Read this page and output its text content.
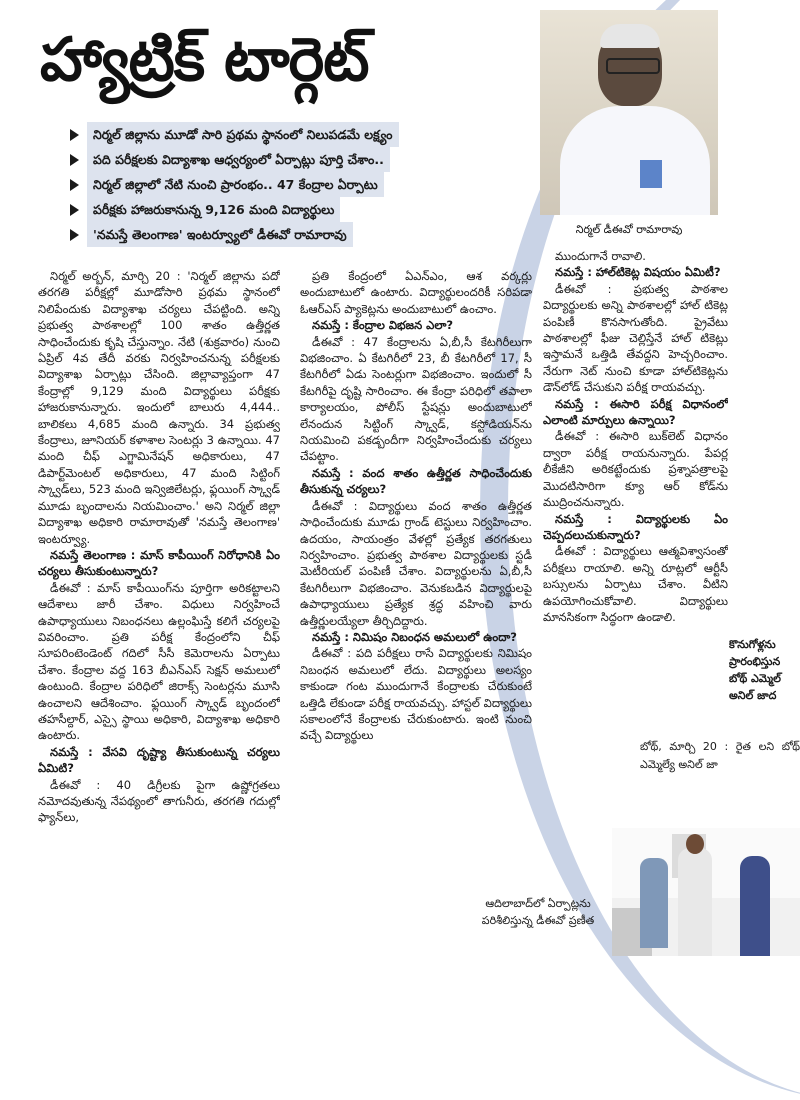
హ్యాట్రిక్‌ టార్గెట్‌
నిర్మల్‌ డీఈవో రామారావు
నిర్మల్‌ జిల్లాను మూడో సారి ప్రథమ స్థానంలో నిలుపడమే లక్ష్యం
పది పరీక్షలకు విద్యాశాఖ ఆధ్వర్యంలో ఏర్పాట్లు పూర్తి చేశాం..
నిర్మల్‌ జిల్లాలో నేటి నుంచి ప్రారంభం.. 47 కేంద్రాల ఏర్పాటు
పరీక్షకు హాజరుకానున్న 9,126 మంది విద్యార్థులు
'నమస్తే తెలంగాణ' ఇంటర్వ్యూలో డీఈవో రామారావు

నిర్మల్‌ అర్బన్‌, మార్చి 20 : 'నిర్మల్‌ జిల్లాను పదో తరగతి పరీక్షల్లో మూడోసారి ప్రథమ స్థానంలో నిలిపేందుకు విద్యాశాఖ చర్యలు చేపట్టింది. అన్ని ప్రభుత్వ పాఠశాలల్లో 100 శాతం ఉత్తీర్ణత సాధించేందుకు కృషి చేస్తున్నాం. నేటి (శుక్రవారం) నుంచి ఏప్రిల్‌ 4వ తేదీ వరకు నిర్వహించనున్న పరీక్షలకు విద్యాశాఖ ఏర్పాట్లు చేసింది. జిల్లావ్యాప్తంగా 47 కేంద్రాల్లో 9,129 మంది విద్యార్థులు పరీక్షకు హాజరుకానున్నారు. ఇందులో బాలురు 4,444.. బాలికలు 4,685 మంది ఉన్నారు. 34 ప్రభుత్వ కేంద్రాలు, జూనియర్‌ కళాశాల సెంటర్లు 3 ఉన్నాయి. 47 మంది చీఫ్‌ ఎగ్జామినేషన్‌ అధికారులు, 47 డిపార్ట్‌మెంటల్‌ అధికారులు, 47 మంది సిట్టింగ్‌ స్క్వాడ్‌లు, 523 మంది ఇన్విజిలేటర్లు, ఫ్లయింగ్‌ స్క్వాడ్‌ మూడు బృందాలను నియమించాం.' అని నిర్మల్‌ జిల్లా విద్యాశాఖ అధికారి రామారావుతో 'నమస్తే తెలంగాణ' ఇంటర్వ్యూ.

నమస్తే తెలంగాణ : మాస్‌ కాపీయింగ్‌ నిరోధానికి ఏం చర్యలు తీసుకుంటున్నారు?

డీఈవో : మాస్‌ కాపీయింగ్‌ను పూర్తిగా అరికట్టాలని ఆదేశాలు జారీ చేశాం. విధులు నిర్వహించే ఉపాధ్యాయులు నిబంధనలు ఉల్లంఘిస్తే కలిగే చర్యలపై వివరించాం. ప్రతి పరీక్ష కేంద్రంలోని చీఫ్‌ సూపరింటెండెంట్‌ గదిలో సీసీ కెమెరాలను ఏర్పాటు చేశాం. కేంద్రాల వద్ద 163 బీఎన్‌ఎస్‌ సెక్షన్‌ అమలులో ఉంటుంది. కేంద్రాల పరిధిలో జిరాక్స్‌ సెంటర్లను మూసి ఉంచాలని ఆదేశించాం. ఫ్లయింగ్‌ స్క్వాడ్‌ బృందంలో తహసీల్దార్‌, ఎస్సై స్థాయి అధికారి, విద్యాశాఖ అధికారి ఉంటారు.

నమస్తే : వేసవి దృష్ట్యా తీసుకుంటున్న చర్యలు ఏమిటి?

డీఈవో : 40 డిగ్రీలకు పైగా ఉష్ణోగ్రతలు నమోదవుతున్న నేపథ్యంలో తాగునీరు, తరగతి గదుల్లో ఫ్యాన్‌లు,

ప్రతి కేంద్రంలో ఏఎన్‌ఎం, ఆశ వర్కర్లు అందుబాటులో ఉంటారు. విద్యార్థులందరికీ సరిపడా ఓఆర్‌ఎస్‌ ప్యాకెట్లను అందుబాటులో ఉంచాం.

నమస్తే : కేంద్రాల విభజన ఎలా?

డీఈవో : 47 కేంద్రాలను ఏ,బీ,సీ కేటగిరీలుగా విభజించాం. ఏ కేటగిరీలో 23, బీ కేటగిరీలో 17, సీ కేటగిరీలో ఏడు సెంటర్లుగా విభజించాం. ఇందులో సీ కేటగిరీపై దృష్టి సారించాం. ఈ కేంద్రా పరిధిలో తపాలా కార్యాలయం, పోలీస్‌ స్టేషన్లు అందుబాటులో లేనందున సిట్టింగ్‌ స్క్వాడ్‌, కస్టోడియన్‌ను నియమించి పకడ్బందీగా నిర్వహించేందుకు చర్యలు చేపట్టాం.

నమస్తే : వంద శాతం ఉత్తీర్ణత సాధించేందుకు తీసుకున్న చర్యలు?

డీఈవో : విద్యార్థులు వంద శాతం ఉత్తీర్ణత సాధించేందుకు మూడు గ్రాండ్‌ టెస్టులు నిర్వహించాం. ఉదయం, సాయంత్రం వేళల్లో ప్రత్యేక తరగతులు నిర్వహించాం. ప్రభుత్వ పాఠశాల విద్యార్థులకు స్టడీ మెటీరియల్‌ పంపిణీ చేశాం. విద్యార్థులను ఏ,బీ,సీ కేటగిరీలుగా విభజించాం. వెనుకబడిన విద్యార్థులపై ఉపాధ్యాయులు ప్రత్యేక శ్రద్ధ వహించి వారు ఉత్తీర్ణులయ్యేలా తీర్చిదిద్దారు.

నమస్తే : నిమిషం నిబంధన అమలులో ఉందా?

డీఈవో : పది పరీక్షలు రాసే విద్యార్థులకు నిమిషం నిబంధన అమలులో లేదు. విద్యార్థులు అలస్యం కాకుండా గంట ముందుగానే కేంద్రాలకు చేరుకుంటే ఒత్తిడి లేకుండా పరీక్ష రాయవచ్చు. హాస్టల్‌ విద్యార్థులు సకాలంలోనే కేంద్రాలకు చేరుకుంటారు. ఇంటి నుంచి వచ్చే విద్యార్థులు

ముందుగానే రావాలి.

నమస్తే : హాల్‌టికెట్ల విషయం ఏమిటీ?

డీఈవో : ప్రభుత్వ పాఠశాల విద్యార్థులకు అన్ని పాఠశాలల్లో హాల్‌ టికెట్ల పంపిణీ కొనసాగుతోంది. ప్రైవేటు పాఠశాలల్లో ఫీజు చెల్లిస్తేనే హాల్‌ టికెట్లు ఇస్తామనే ఒత్తిడి తేవద్దని హెచ్చరించాం. నేరుగా నెట్‌ నుంచి కూడా హాల్‌టికెట్లను డౌన్‌లోడ్‌ చేసుకుని పరీక్ష రాయవచ్చు.

నమస్తే : ఈసారి పరీక్ష విధానంలో ఎలాంటి మార్పులు ఉన్నాయి?

డీఈవో : ఈసారి బుక్‌లెట్‌ విధానం ద్వారా పరీక్ష రాయనున్నారు. పేపర్ల లీకేజీని అరికట్టేందుకు ప్రశ్నాపత్రాలపై మొదటిసారిగా క్యూ ఆర్‌ కోడ్‌ను ముద్రించనున్నారు.

నమస్తే : విద్యార్థులకు ఏం చెప్పదలుచుకున్నారు?

డీఈవో : విద్యార్థులు ఆత్మవిశ్వాసంతో పరీక్షలు రాయాలి. అన్ని రూట్లలో ఆర్టీసీ బస్సులను ఏర్పాటు చేశాం. వీటిని ఉపయోగించుకోవాలి. విద్యార్థులు మానసికంగా సిద్ధంగా ఉండాలి.

కొనుగోళ్లను
ప్రారంభిస్తున
బోథ్‌ ఎమ్మెల్
అనిల్‌ జాద
బోథ్‌, మార్చి 20 : రైత లని బోథ్‌ ఎమ్మెల్యే అనిల్‌ జా
ఆదిలాబాద్‌లో ఏర్పాట్లను పరిశీలిస్తున్న డీఈవో ప్రణీత
